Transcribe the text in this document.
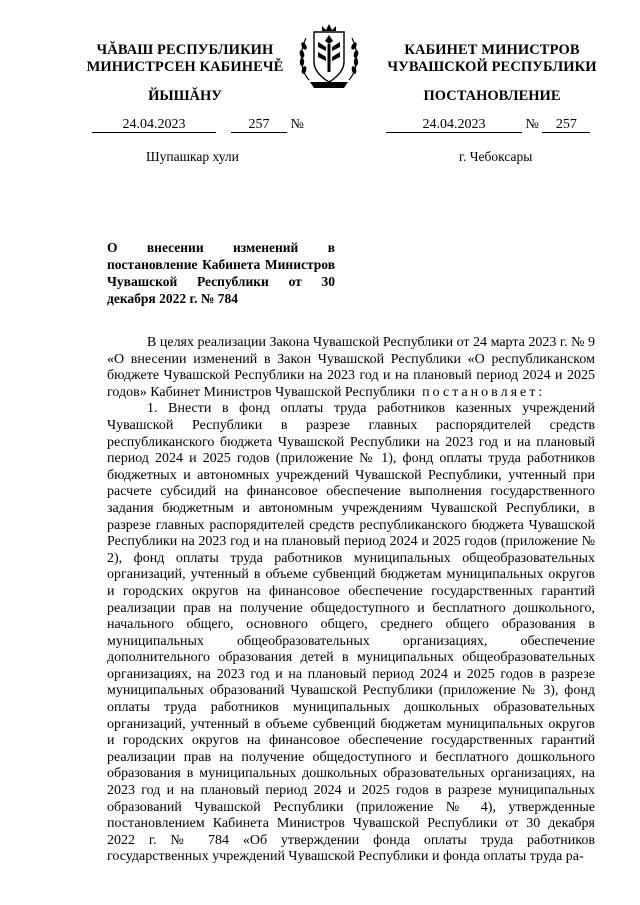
ЧĂВАШ РЕСПУБЛИКИН
МИНИСТРСЕН КАБИНЕЧĚ
КАБИНЕТ МИНИСТРОВ
ЧУВАШСКОЙ РЕСПУБЛИКИ
ЙЫШĂНУ	ПОСТАНОВЛЕНИЕ
24.04.2023	257 №	24.04.2023	№ 257
Шупашкар хули	г. Чебоксары
О внесении изменений в постановление Кабинета Министров Чувашской Республики от 30 декабря 2022 г. № 784

В целях реализации Закона Чувашской Республики от 24 марта 2023 г. № 9 «О внесении изменений в Закон Чувашской Республики «О республиканском бюджете Чувашской Республики на 2023 год и на плановый период 2024 и 2025 годов» Кабинет Министров Чувашской Республики постановляет:

1. Внести в фонд оплаты труда работников казенных учреждений Чувашской Республики в разрезе главных распорядителей средств республиканского бюджета Чувашской Республики на 2023 год и на плановый период 2024 и 2025 годов (приложение № 1), фонд оплаты труда работников бюджетных и автономных учреждений Чувашской Республики, учтенный при расчете субсидий на финансовое обеспечение выполнения государственного задания бюджетным и автономным учреждениям Чувашской Республики, в разрезе главных распорядителей средств республиканского бюджета Чувашской Республики на 2023 год и на плановый период 2024 и 2025 годов (приложение № 2), фонд оплаты труда работников муниципальных общеобразовательных организаций, учтенный в объеме субвенций бюджетам муниципальных округов и городских округов на финансовое обеспечение государственных гарантий реализации прав на получение общедоступного и бесплатного дошкольного, начального общего, основного общего, среднего общего образования в муниципальных общеобразовательных организациях, обеспечение дополнительного образования детей в муниципальных общеобразовательных организациях, на 2023 год и на плановый период 2024 и 2025 годов в разрезе муниципальных образований Чувашской Республики (приложение № 3), фонд оплаты труда работников муниципальных дошкольных образовательных организаций, учтенный в объеме субвенций бюджетам муниципальных округов и городских округов на финансовое обеспечение государственных гарантий реализации прав на получение общедоступного и бесплатного дошкольного образования в муниципальных дошкольных образовательных организациях, на 2023 год и на плановый период 2024 и 2025 годов в разрезе муниципальных образований Чувашской Республики (приложение № 4), утвержденные постановлением Кабинета Министров Чувашской Республики от 30 декабря 2022 г. № 784 «Об утверждении фонда оплаты труда работников государственных учреждений Чувашской Республики и фонда оплаты труда ра-
